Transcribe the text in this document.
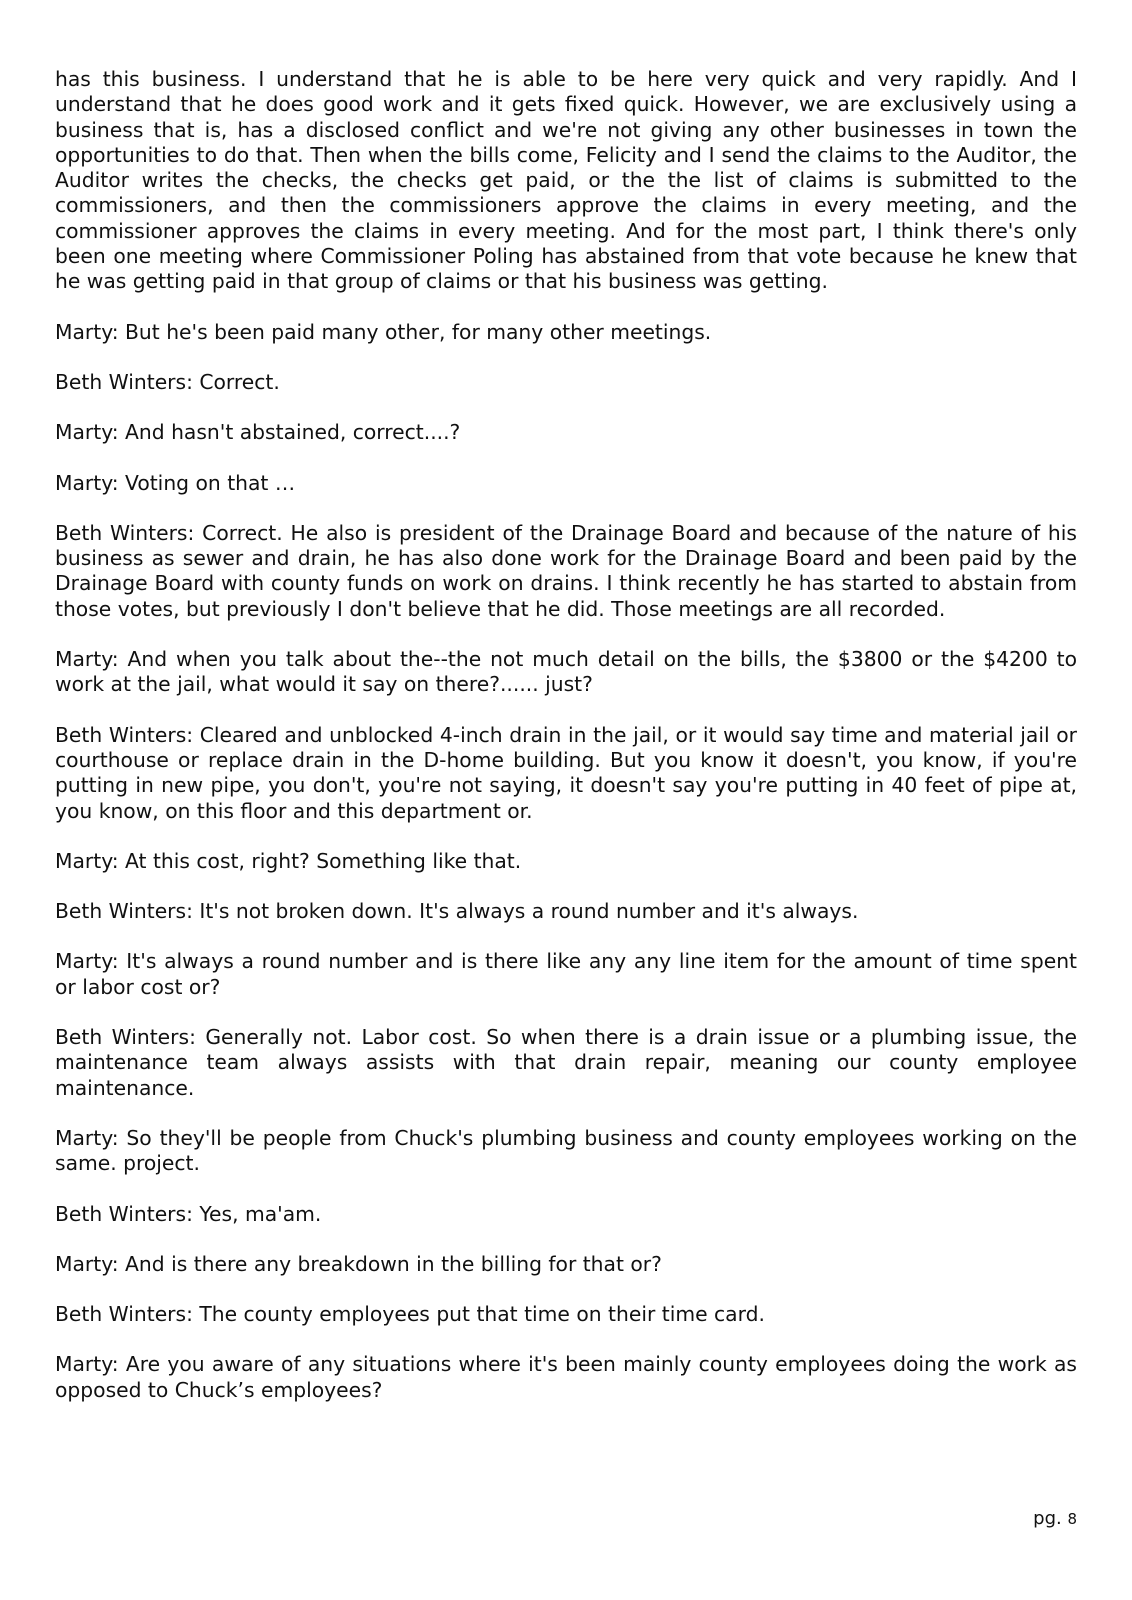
has this business. I understand that he is able to be here very quick and very rapidly. And I understand that he does good work and it gets fixed quick. However, we are exclusively using a business that is, has a disclosed conflict and we're not giving any other businesses in town the opportunities to do that. Then when the bills come, Felicity and I send the claims to the Auditor, the Auditor writes the checks, the checks get paid, or the the list of claims is submitted to the commissioners, and then the commissioners approve the claims in every meeting, and the commissioner approves the claims in every meeting. And for the most part, I think there's only been one meeting where Commissioner Poling has abstained from that vote because he knew that he was getting paid in that group of claims or that his business was getting.

Marty: But he's been paid many other, for many other meetings.

Beth Winters: Correct.

Marty: And hasn't abstained, correct....?

Marty: Voting on that …

Beth Winters: Correct. He also is president of the Drainage Board and because of the nature of his business as sewer and drain, he has also done work for the Drainage Board and been paid by the Drainage Board with county funds on work on drains. I think recently he has started to abstain from those votes, but previously I don't believe that he did. Those meetings are all recorded.

Marty: And when you talk about the--the not much detail on the bills, the $3800 or the $4200 to work at the jail, what would it say on there?...... just?

Beth Winters: Cleared and unblocked 4-inch drain in the jail, or it would say time and material jail or courthouse or replace drain in the D-home building. But you know it doesn't, you know, if you're putting in new pipe, you don't, you're not saying, it doesn't say you're putting in 40 feet of pipe at, you know, on this floor and this department or.

Marty: At this cost, right? Something like that.

Beth Winters: It's not broken down. It's always a round number and it's always.

Marty: It's always a round number and is there like any any line item for the amount of time spent or labor cost or?

Beth Winters: Generally not. Labor cost. So when there is a drain issue or a plumbing issue, the maintenance team always assists with that drain repair, meaning our county employee maintenance.

Marty: So they'll be people from Chuck's plumbing business and county employees working on the same. project.

Beth Winters: Yes, ma'am.

Marty: And is there any breakdown in the billing for that or?

Beth Winters: The county employees put that time on their time card.

Marty: Are you aware of any situations where it's been mainly county employees doing the work as opposed to Chuck’s employees?

pg. 8
